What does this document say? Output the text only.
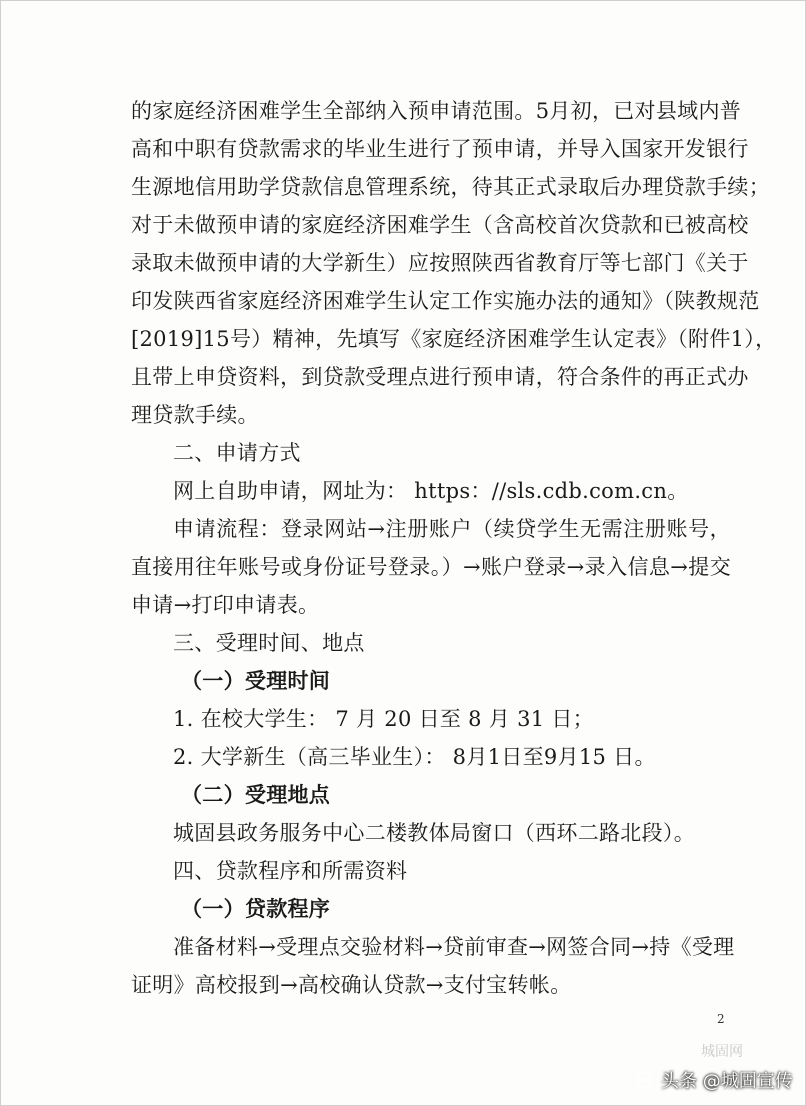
的家庭经济困难学生全部纳入预申请范围。5月初，已对县域内普
高和中职有贷款需求的毕业生进行了预申请，并导入国家开发银行
生源地信用助学贷款信息管理系统，待其正式录取后办理贷款手续；
对于未做预申请的家庭经济困难学生（含高校首次贷款和已被高校
录取未做预申请的大学新生）应按照陕西省教育厅等七部门《关于
印发陕西省家庭经济困难学生认定工作实施办法的通知》（陕教规范
[2019]15号）精神，先填写《家庭经济困难学生认定表》（附件1），
且带上申贷资料，到贷款受理点进行预申请，符合条件的再正式办
理贷款手续。
二、申请方式
网上自助申请，网址为： https：//sls.cdb.com.cn。
申请流程：登录网站→注册账户（续贷学生无需注册账号，
直接用往年账号或身份证号登录。）→账户登录→录入信息→提交
申请→打印申请表。
三、受理时间、地点
（一）受理时间
1. 在校大学生： 7 月 20 日至 8 月 31 日；
2. 大学新生（高三毕业生）： 8月1日至9月15 日。
（二）受理地点
城固县政务服务中心二楼教体局窗口（西环二路北段）。
四、贷款程序和所需资料
（一）贷款程序
准备材料→受理点交验材料→贷前审查→网签合同→持《受理
证明》高校报到→高校确认贷款→支付宝转帐。
2
城固网
头条 @城固宣传
